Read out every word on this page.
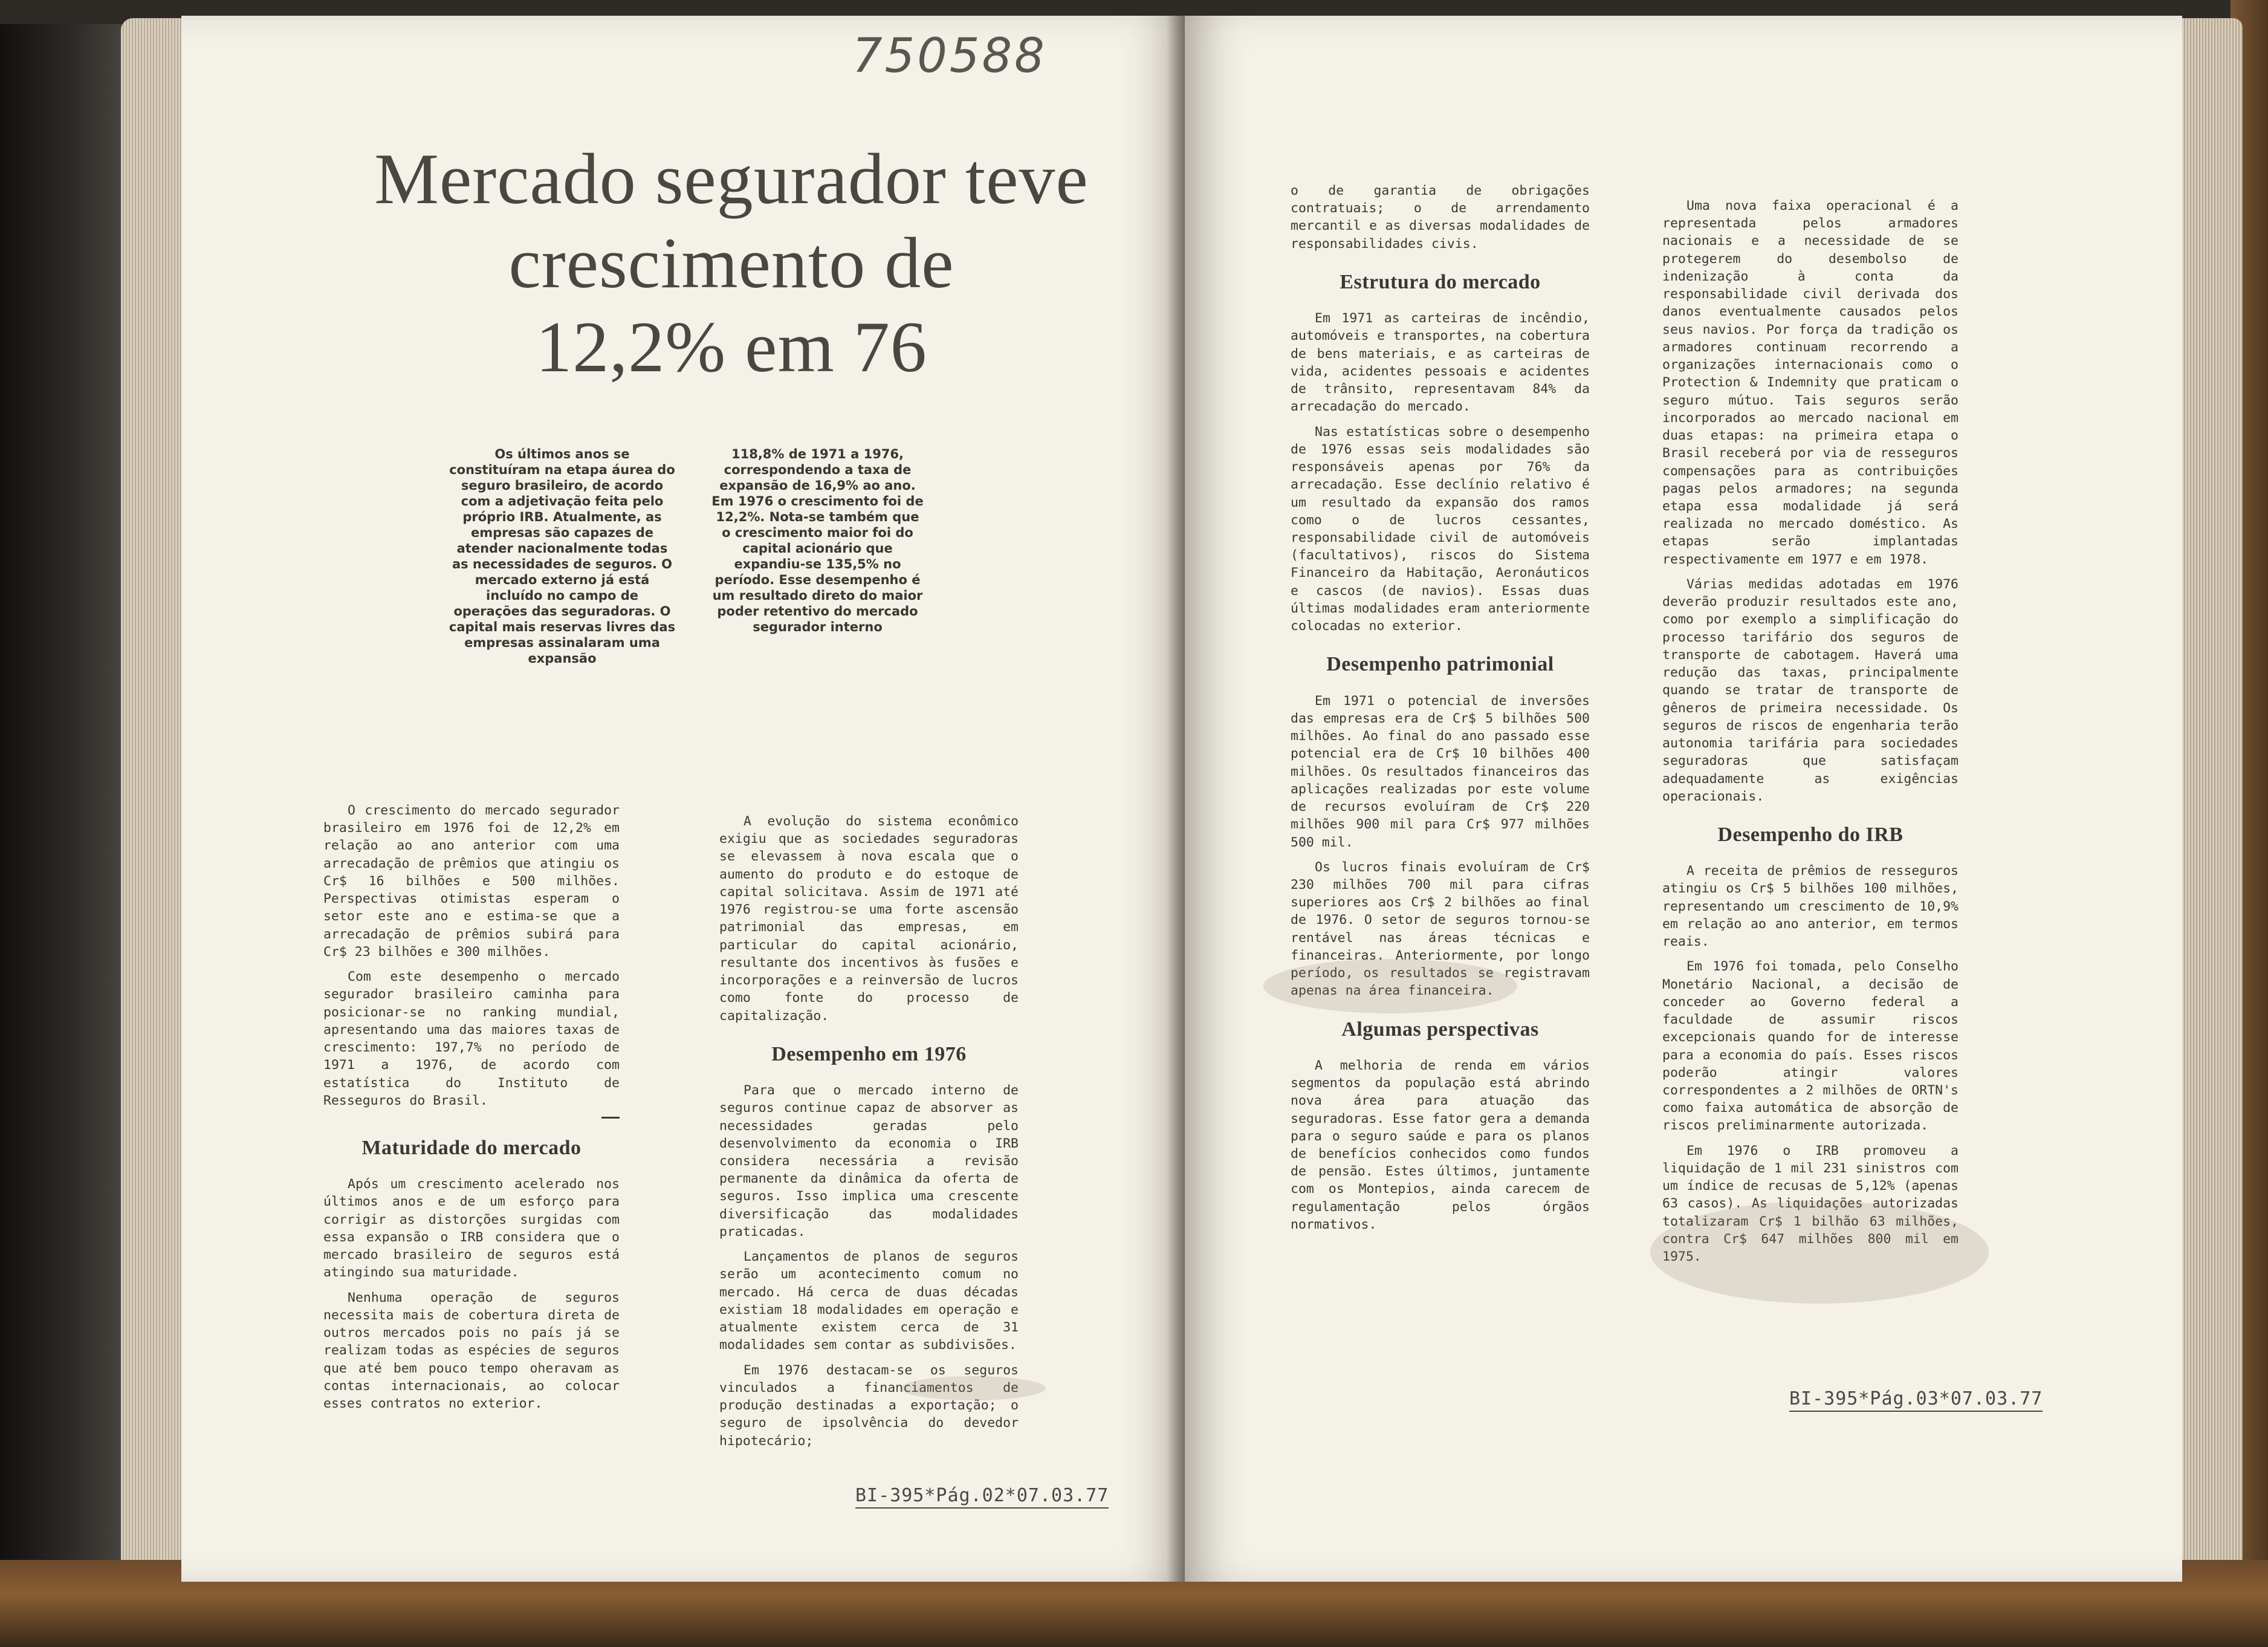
750588

Mercado segurador teve

crescimento de

12,2% em 76

Os últimos anos se constituíram na etapa áurea do seguro brasileiro, de acordo com a adjetivação feita pelo próprio IRB. Atualmente, as empresas são capazes de atender nacionalmente todas as necessidades de seguros. O mercado externo já está incluído no campo de operações das seguradoras. O capital mais reservas livres das empresas assinalaram uma expansão

118,8% de 1971 a 1976, correspondendo a taxa de expansão de 16,9% ao ano. Em 1976 o crescimento foi de 12,2%. Nota-se também que o crescimento maior foi do capital acionário que expandiu-se 135,5% no período. Esse desempenho é um resultado direto do maior poder retentivo do mercado segurador interno

O crescimento do mercado segurador brasileiro em 1976 foi de 12,2% em relação ao ano anterior com uma arrecadação de prêmios que atingiu os Cr$ 16 bilhões e 500 milhões. Perspectivas otimistas esperam o setor este ano e estima-se que a arrecadação de prêmios subirá para Cr$ 23 bilhões e 300 milhões.

Com este desempenho o mercado segurador brasileiro caminha para posicionar-se no ranking mundial, apresentando uma das maiores taxas de crescimento: 197,7% no período de 1971 a 1976, de acordo com estatística do Instituto de Resseguros do Brasil.

Maturidade do mercado

Após um crescimento acelerado nos últimos anos e de um esforço para corrigir as distorções surgidas com essa expansão o IRB considera que o mercado brasileiro de seguros está atingindo sua maturidade.

Nenhuma operação de seguros necessita mais de cobertura direta de outros mercados pois no país já se realizam todas as espécies de seguros que até bem pouco tempo oheravam as contas internacionais, ao colocar esses contratos no exterior.

A evolução do sistema econômico exigiu que as sociedades seguradoras se elevassem à nova escala que o aumento do produto e do estoque de capital solicitava. Assim de 1971 até 1976 registrou-se uma forte ascensão patrimonial das empresas, em particular do capital acionário, resultante dos incentivos às fusões e incorporações e a reinversão de lucros como fonte do processo de capitalização.

Desempenho em 1976

Para que o mercado interno de seguros continue capaz de absorver as necessidades geradas pelo desenvolvimento da economia o IRB considera necessária a revisão permanente da dinâmica da oferta de seguros. Isso implica uma crescente diversificação das modalidades praticadas.

Lançamentos de planos de seguros serão um acontecimento comum no mercado. Há cerca de duas décadas existiam 18 modalidades em operação e atualmente existem cerca de 31 modalidades sem contar as subdivisões.

Em 1976 destacam-se os seguros vinculados a financiamentos de produção destinadas a exportação; o seguro de ipsolvência do devedor hipotecário;

BI-395*Pág.02*07.03.77

o de garantia de obrigações contratuais; o de arrendamento mercantil e as diversas modalidades de responsabilidades civis.

Estrutura do mercado

Em 1971 as carteiras de incêndio, automóveis e transportes, na cobertura de bens materiais, e as carteiras de vida, acidentes pessoais e acidentes de trânsito, representavam 84% da arrecadação do mercado.

Nas estatísticas sobre o desempenho de 1976 essas seis modalidades são responsáveis apenas por 76% da arrecadação. Esse declínio relativo é um resultado da expansão dos ramos como o de lucros cessantes, responsabilidade civil de automóveis (facultativos), riscos do Sistema Financeiro da Habitação, Aeronáuticos e cascos (de navios). Essas duas últimas modalidades eram anteriormente colocadas no exterior.

Desempenho patrimonial

Em 1971 o potencial de inversões das empresas era de Cr$ 5 bilhões 500 milhões. Ao final do ano passado esse potencial era de Cr$ 10 bilhões 400 milhões. Os resultados financeiros das aplicações realizadas por este volume de recursos evoluíram de Cr$ 220 milhões 900 mil para Cr$ 977 milhões 500 mil.

Os lucros finais evoluíram de Cr$ 230 milhões 700 mil para cifras superiores aos Cr$ 2 bilhões ao final de 1976. O setor de seguros tornou-se rentável nas áreas técnicas e financeiras. Anteriormente, por longo período, os resultados se registravam apenas na área financeira.

Algumas perspectivas

A melhoria de renda em vários segmentos da população está abrindo nova área para atuação das seguradoras. Esse fator gera a demanda para o seguro saúde e para os planos de benefícios conhecidos como fundos de pensão. Estes últimos, juntamente com os Montepios, ainda carecem de regulamentação pelos órgãos normativos.

Uma nova faixa operacional é a representada pelos armadores nacionais e a necessidade de se protegerem do desembolso de indenização à conta da responsabilidade civil derivada dos danos eventualmente causados pelos seus navios. Por força da tradição os armadores continuam recorrendo a organizações internacionais como o Protection & Indemnity que praticam o seguro mútuo. Tais seguros serão incorporados ao mercado nacional em duas etapas: na primeira etapa o Brasil receberá por via de resseguros compensações para as contribuições pagas pelos armadores; na segunda etapa essa modalidade já será realizada no mercado doméstico. As etapas serão implantadas respectivamente em 1977 e em 1978.

Várias medidas adotadas em 1976 deverão produzir resultados este ano, como por exemplo a simplificação do processo tarifário dos seguros de transporte de cabotagem. Haverá uma redução das taxas, principalmente quando se tratar de transporte de gêneros de primeira necessidade. Os seguros de riscos de engenharia terão autonomia tarifária para sociedades seguradoras que satisfaçam adequadamente as exigências operacionais.

Desempenho do IRB

A receita de prêmios de resseguros atingiu os Cr$ 5 bilhões 100 milhões, representando um crescimento de 10,9% em relação ao ano anterior, em termos reais.

Em 1976 foi tomada, pelo Conselho Monetário Nacional, a decisão de conceder ao Governo federal a faculdade de assumir riscos excepcionais quando for de interesse para a economia do país. Esses riscos poderão atingir valores correspondentes a 2 milhões de ORTN's como faixa automática de absorção de riscos preliminarmente autorizada.

Em 1976 o IRB promoveu a liquidação de 1 mil 231 sinistros com um índice de recusas de 5,12% (apenas 63 casos). As liquidações autorizadas totalizaram Cr$ 1 bilhão 63 milhões, contra Cr$ 647 milhões 800 mil em 1975.

BI-395*Pág.03*07.03.77
